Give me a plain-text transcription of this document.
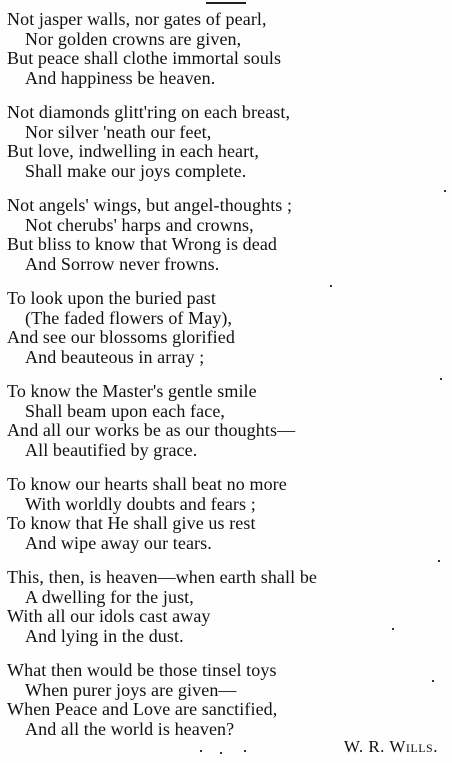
Not jasper walls, nor gates of pearl,
Nor golden crowns are given,
But peace shall clothe immortal souls
And happiness be heaven.
Not diamonds glitt'ring on each breast,
Nor silver 'neath our feet,
But love, indwelling in each heart,
Shall make our joys complete.
Not angels' wings, but angel-thoughts ;
Not cherubs' harps and crowns,
But bliss to know that Wrong is dead
And Sorrow never frowns.
To look upon the buried past
(The faded flowers of May),
And see our blossoms glorified
And beauteous in array ;
To know the Master's gentle smile
Shall beam upon each face,
And all our works be as our thoughts—
All beautified by grace.
To know our hearts shall beat no more
With worldly doubts and fears ;
To know that He shall give us rest
And wipe away our tears.
This, then, is heaven—when earth shall be
A dwelling for the just,
With all our idols cast away
And lying in the dust.
What then would be those tinsel toys
When purer joys are given—
When Peace and Love are sanctified,
And all the world is heaven?
W. R. Wills.
